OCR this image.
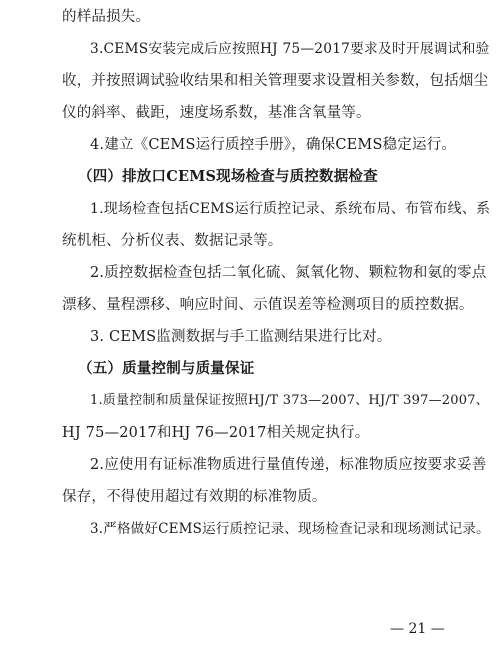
的样品损失。
3.CEMS安装完成后应按照HJ 75—2017要求及时开展调试和验
收，并按照调试验收结果和相关管理要求设置相关参数，包括烟尘
仪的斜率、截距，速度场系数，基准含氧量等。
4.建立《CEMS运行质控手册》，确保CEMS稳定运行。
（四）排放口CEMS现场检查与质控数据检查
1.现场检查包括CEMS运行质控记录、系统布局、布管布线、系
统机柜、分析仪表、数据记录等。
2.质控数据检查包括二氧化硫、氮氧化物、颗粒物和氨的零点
漂移、量程漂移、响应时间、示值误差等检测项目的质控数据。
3. CEMS监测数据与手工监测结果进行比对。
（五）质量控制与质量保证
1.质量控制和质量保证按照HJ/T 373—2007、HJ/T 397—2007、
HJ 75—2017和HJ 76—2017相关规定执行。
2.应使用有证标准物质进行量值传递，标准物质应按要求妥善
保存，不得使用超过有效期的标准物质。
3.严格做好CEMS运行质控记录、现场检查记录和现场测试记录。
— 21 —
